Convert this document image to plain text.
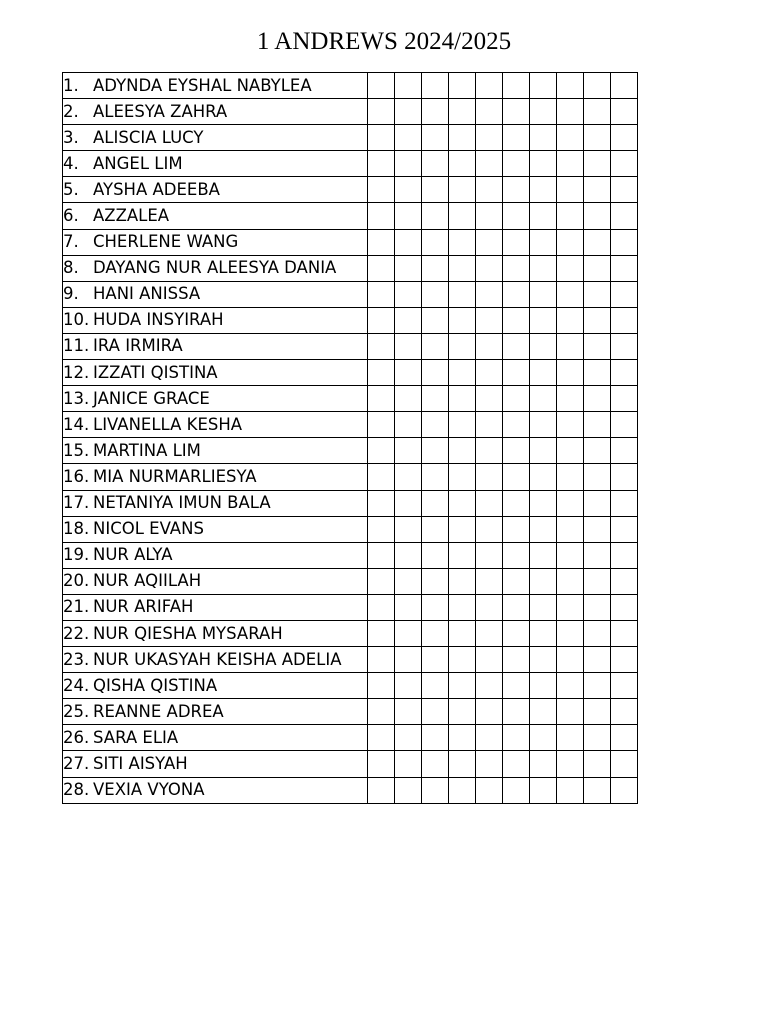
1 ANDREWS 2024/2025
1. ADYNDA EYSHAL NABYLEA										
2. ALEESYA ZAHRA										
3. ALISCIA LUCY										
4. ANGEL LIM										
5. AYSHA ADEEBA										
6. AZZALEA										
7. CHERLENE WANG										
8. DAYANG NUR ALEESYA DANIA										
9. HANI ANISSA										
10. HUDA INSYIRAH										
11. IRA IRMIRA										
12. IZZATI QISTINA										
13. JANICE GRACE										
14. LIVANELLA KESHA										
15. MARTINA LIM										
16. MIA NURMARLIESYA										
17. NETANIYA IMUN BALA										
18. NICOL EVANS										
19. NUR ALYA										
20. NUR AQIILAH										
21. NUR ARIFAH										
22. NUR QIESHA MYSARAH										
23. NUR UKASYAH KEISHA ADELIA										
24. QISHA QISTINA										
25. REANNE ADREA										
26. SARA ELIA										
27. SITI AISYAH										
28. VEXIA VYONA										
